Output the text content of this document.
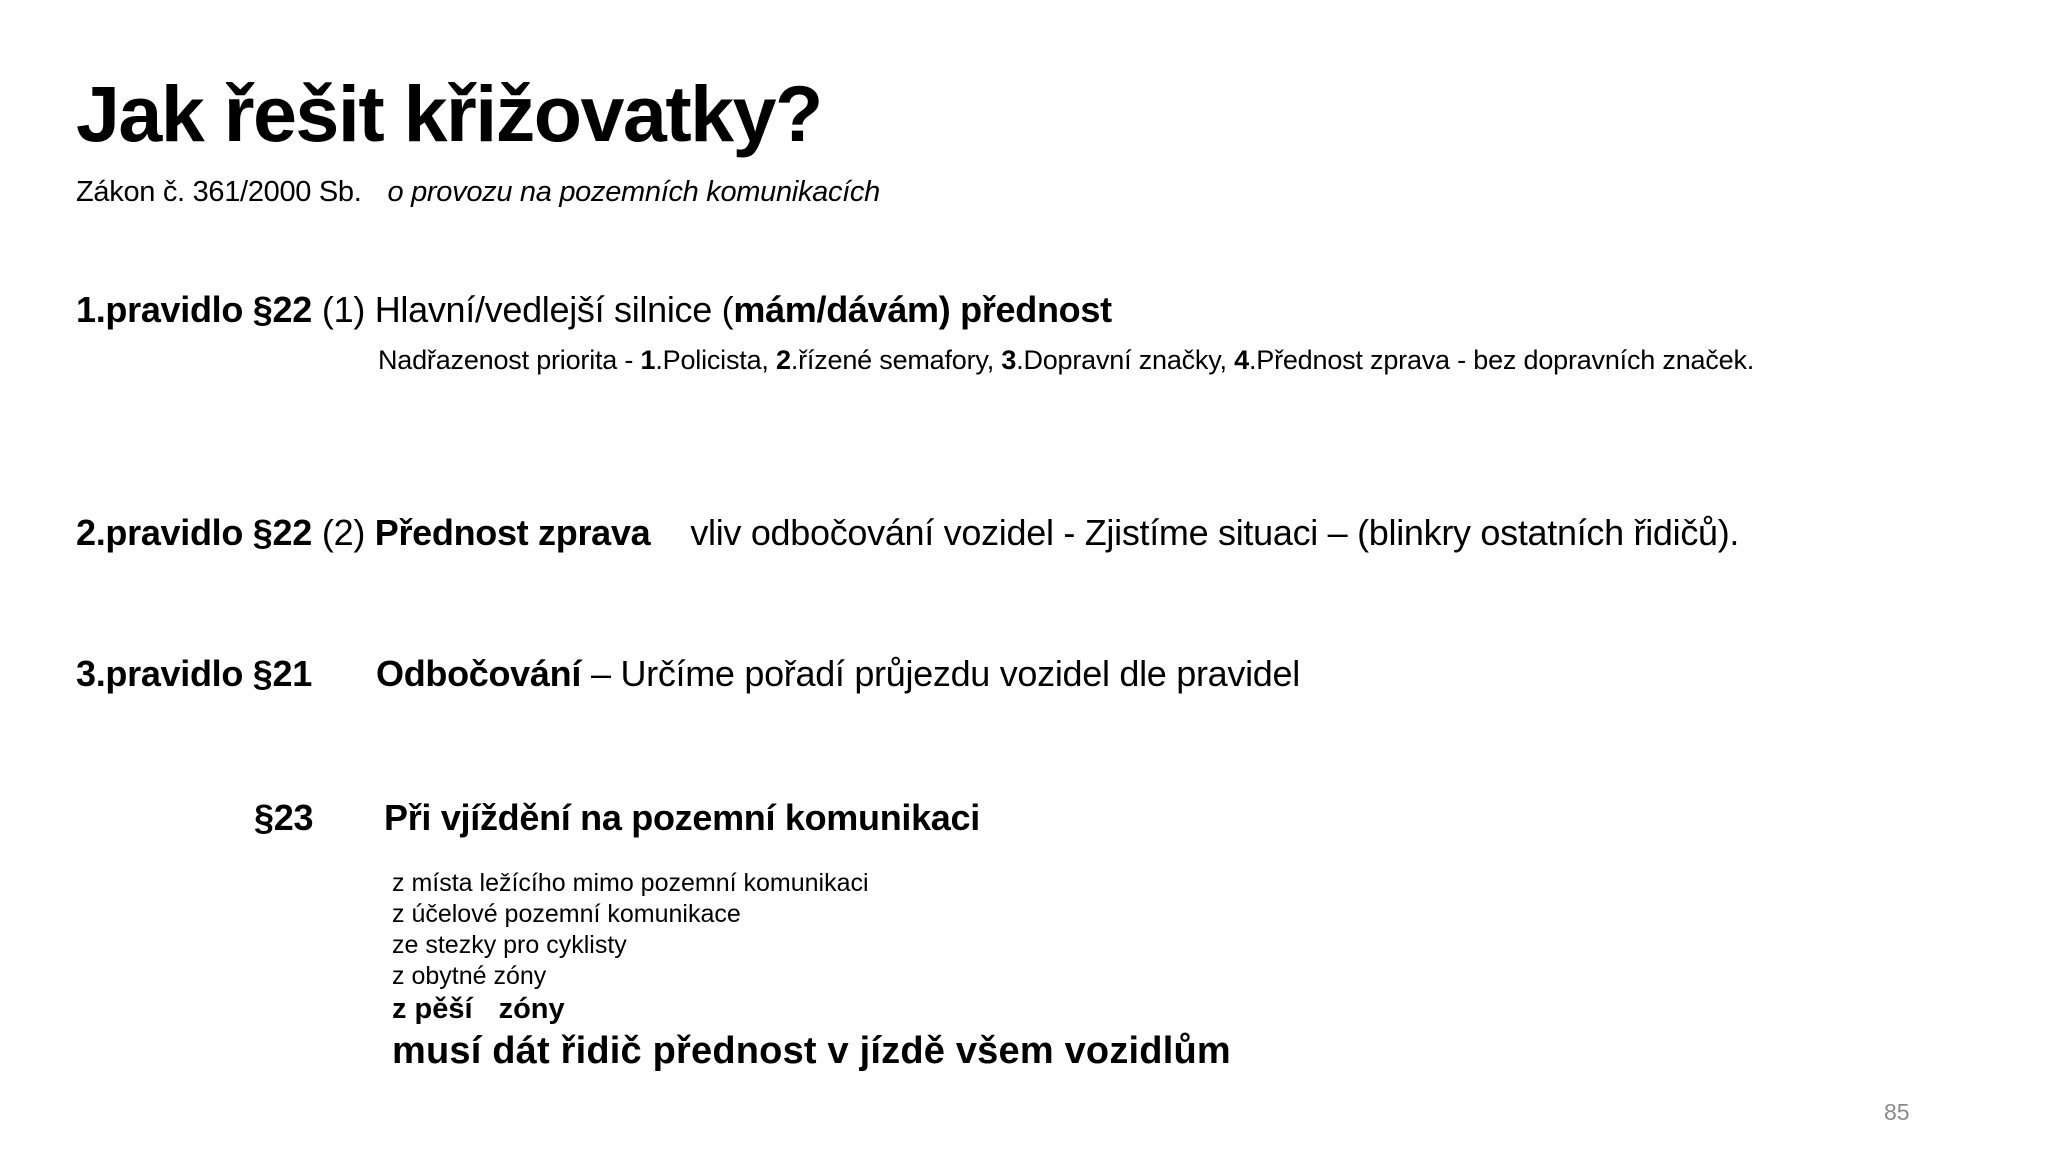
Jak řešit křižovatky?
Zákon č. 361/2000 Sb. o provozu na pozemních komunikacích
1.pravidlo §22 (1) Hlavní/vedlejší silnice (mám/dávám) přednost
Nadřazenost priorita - 1.Policista, 2.řízené semafory, 3.Dopravní značky, 4.Přednost zprava - bez dopravních značek.
2.pravidlo §22 (2) Přednost zprava vliv odbočování vozidel - Zjistíme situaci – (blinkry ostatních řidičů).
3.pravidlo §21 Odbočování – Určíme pořadí průjezdu vozidel dle pravidel
§23 Při vjíždění na pozemní komunikaci
z místa ležícího mimo pozemní komunikaci
z účelové pozemní komunikace
ze stezky pro cyklisty
z obytné zóny
z pěší zóny
musí dát řidič přednost v jízdě všem vozidlům
85
